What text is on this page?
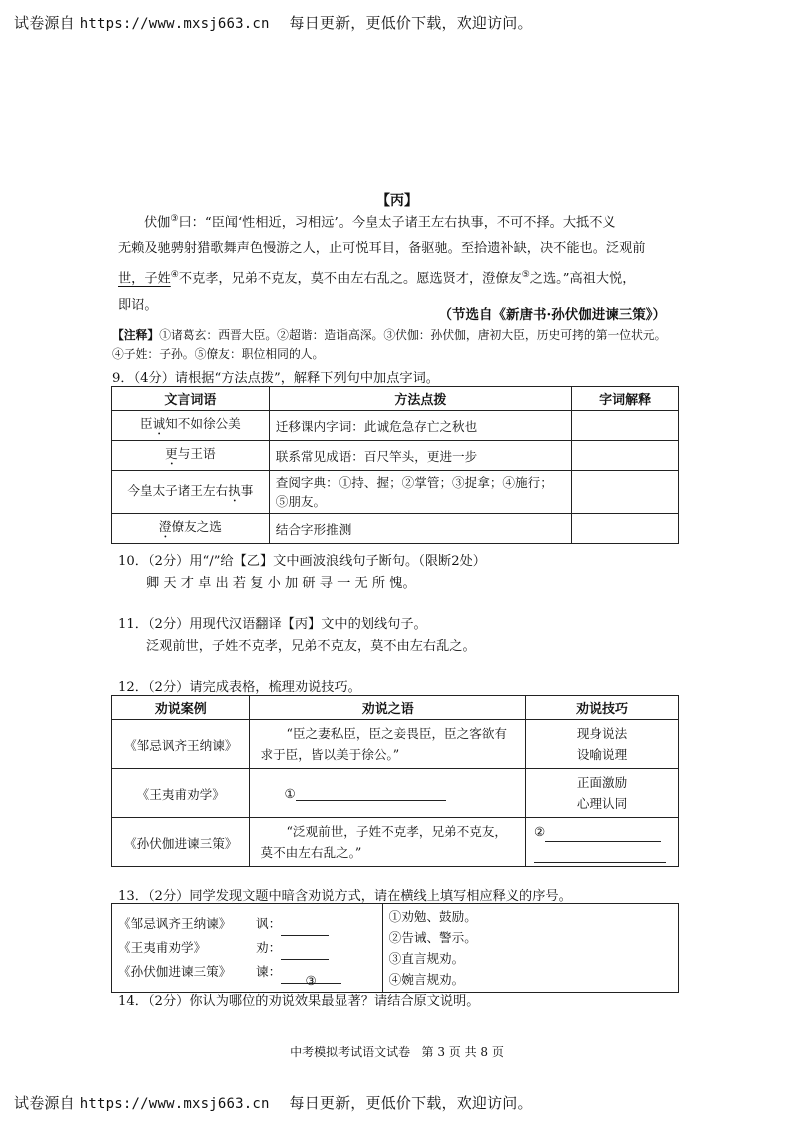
试卷源自 https://www.mxsj663.cn 每日更新，更低价下载，欢迎访问。
【丙】
伏伽③曰：“臣闻‘性相近，习相远’。今皇太子诸王左右执事，不可不择。大抵不义
无赖及驰骋射猎歌舞声色慢游之人，止可悦耳目，备驱驰。至拾遗补缺，决不能也。泛观前
世，子姓④不克孝，兄弟不克友，莫不由左右乱之。愿选贤才，澄僚友⑤之选。”高祖大悦，
即诏。
（节选自《新唐书·孙伏伽进谏三策》）
【注释】①诸葛玄：西晋大臣。②超谐：造诣高深。③伏伽：孙伏伽，唐初大臣，历史可拷的第一位状元。
④子姓：子孙。⑤僚友：职位相同的人。
9．（4分）请根据“方法点拨”，解释下列句中加点字词。
文言词语	方法点拨	字词解释
臣诚知不如徐公美	迁移课内字词：此诚危急存亡之秋也	
更与王语	联系常见成语：百尺竿头，更进一步	
今皇太子诸王左右执事	查阅字典：①持、握；②掌管；③捉拿；④施行；⑤朋友。	
澄僚友之选	结合字形推测	
10．（2分）用“/”给【乙】文中画波浪线句子断句。（限断2处）
卿 天 才 卓 出 若 复 小 加 研 寻 一 无 所 愧。
11．（2分）用现代汉语翻译【丙】文中的划线句子。
泛观前世，子姓不克孝，兄弟不克友，莫不由左右乱之。
12．（2分）请完成表格，梳理劝说技巧。
劝说案例	劝说之语	劝说技巧
《邹忌讽齐王纳谏》	“臣之妻私臣，臣之妾畏臣，臣之客欲有求于臣，皆以美于徐公。”	现身说法
设喻说理

《王夷甫劝学》	①	正面激励
心理认同

《孙伏伽进谏三策》	“泛观前世，子姓不克孝，兄弟不克友，莫不由左右乱之。”	②
13．（2分）同学发现文题中暗含劝说方式，请在横线上填写相应释义的序号。
《邹忌讽齐王纳谏》 讽：
《王夷甫劝学》	劝：
《孙伏伽进谏三策》 谏：③

①劝勉、鼓励。
②告诫、警示。
③直言规劝。
④婉言规劝。
14．（2分）你认为哪位的劝说效果最显著？请结合原文说明。
中考模拟考试语文试卷   第 3 页 共 8 页
试卷源自 https://www.mxsj663.cn 每日更新，更低价下载，欢迎访问。
